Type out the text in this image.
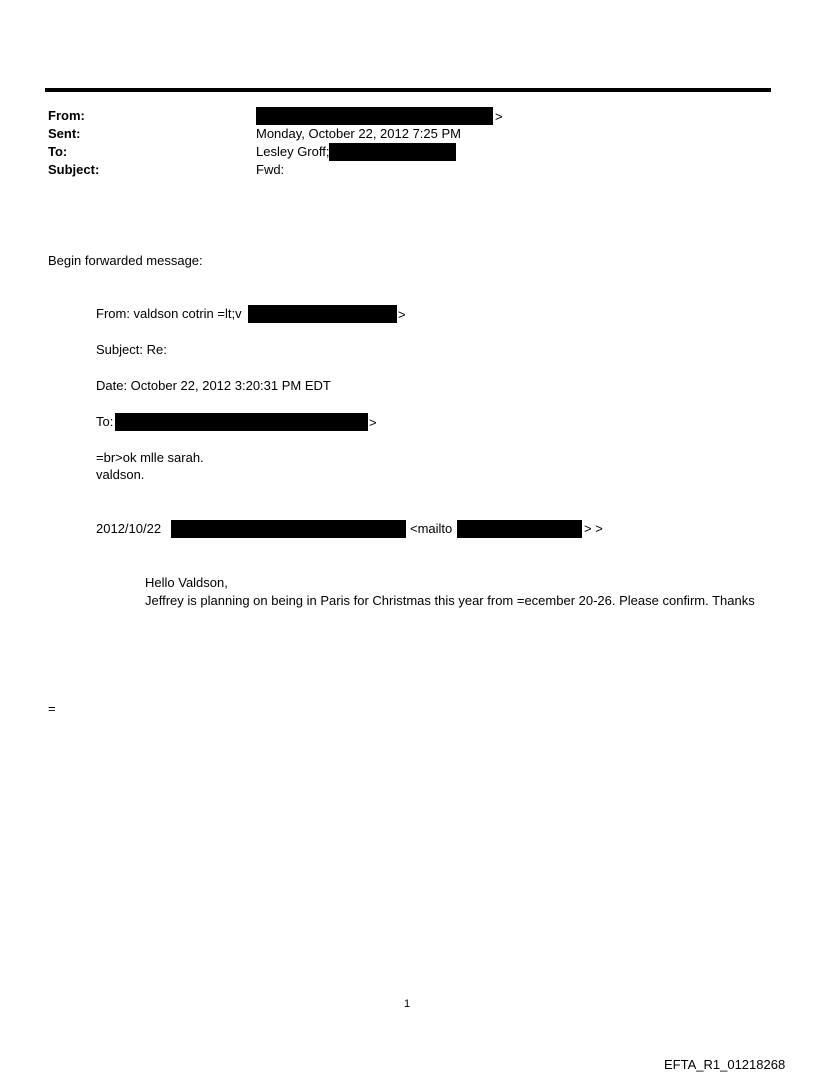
From:	>
Sent:	Monday, October 22, 2012 7:25 PM
To:	Lesley Groff;
Subject:	Fwd:
Begin forwarded message:
From: valdson cotrin =lt;v	>
Subject: Re:
Date: October 22, 2012 3:20:31 PM EDT
To:	>
=br>ok mlle sarah.
valdson.
2012/10/22	<mailto	> >
Hello Valdson,
Jeffrey is planning on being in Paris for Christmas this year from =ecember 20-26. Please confirm. Thanks
=
1
EFTA_R1_01218268
